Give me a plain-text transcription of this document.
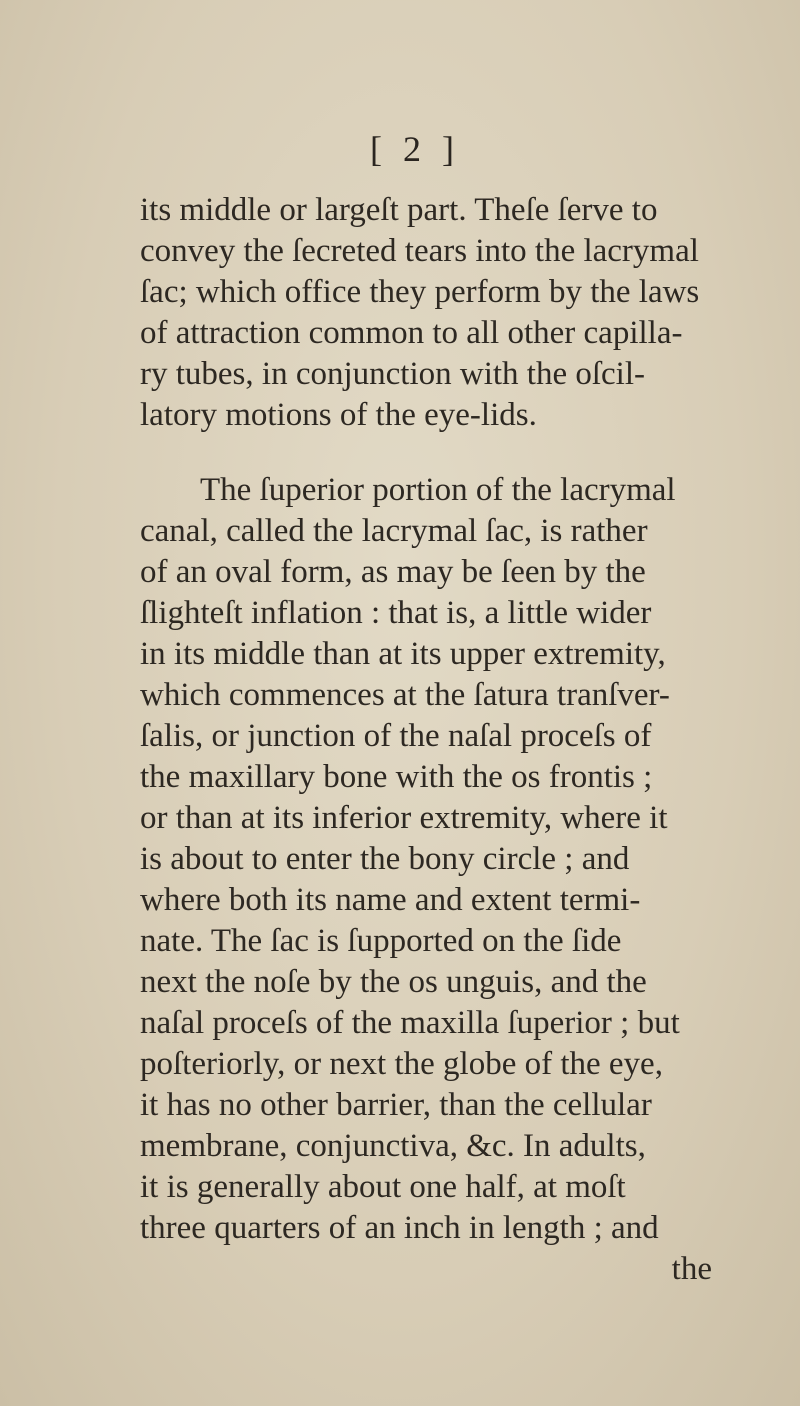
[ 2 ]
its middle or largeſt part. Theſe ſerve to
convey the ſecreted tears into the lacrymal
ſac; which office they perform by the laws
of attraction common to all other capilla-
ry tubes, in conjunction with the oſcil-
latory motions of the eye-lids.
The ſuperior portion of the lacrymal
canal, called the lacrymal ſac, is rather
of an oval form, as may be ſeen by the
ſlighteſt inflation : that is, a little wider
in its middle than at its upper extremity,
which commences at the ſatura tranſver-
ſalis, or junction of the naſal proceſs of
the maxillary bone with the os frontis ;
or than at its inferior extremity, where it
is about to enter the bony circle ; and
where both its name and extent termi-
nate. The ſac is ſupported on the ſide
next the noſe by the os unguis, and the
naſal proceſs of the maxilla ſuperior ; but
poſteriorly, or next the globe of the eye,
it has no other barrier, than the cellular
membrane, conjunctiva, &c. In adults,
it is generally about one half, at moſt
three quarters of an inch in length ; and
the
